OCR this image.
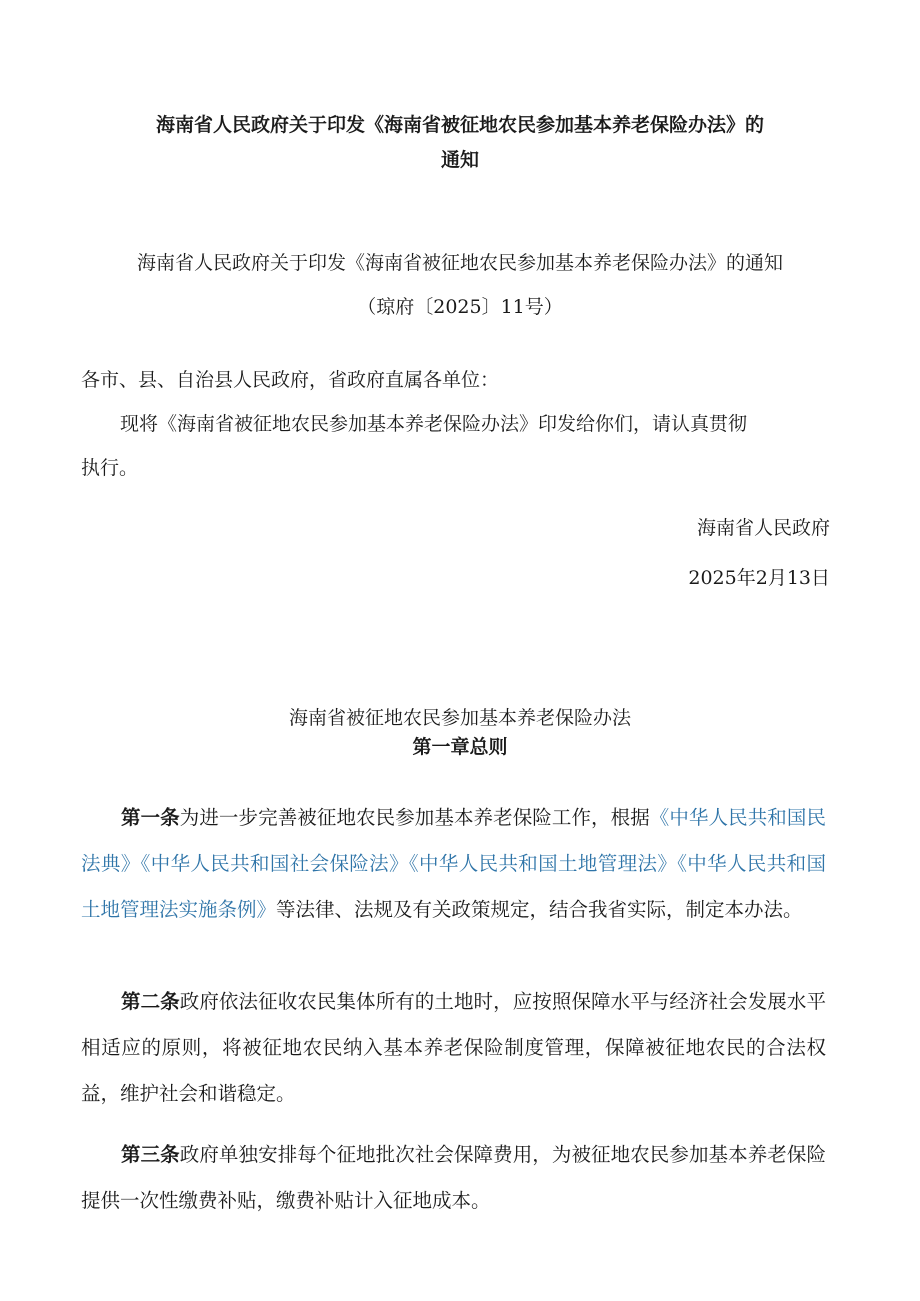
海南省人民政府关于印发《海南省被征地农民参加基本养老保险办法》的
通知
海南省人民政府关于印发《海南省被征地农民参加基本养老保险办法》的通知
（琼府〔2025〕11号）
各市、县、自治县人民政府，省政府直属各单位：
现将《海南省被征地农民参加基本养老保险办法》印发给你们，请认真贯彻
执行。
海南省人民政府
2025年2月13日
海南省被征地农民参加基本养老保险办法
第一章总则
第一条为进一步完善被征地农民参加基本养老保险工作，根据《中华人民共和国民法典》《中华人民共和国社会保险法》《中华人民共和国土地管理法》《中华人民共和国土地管理法实施条例》等法律、法规及有关政策规定，结合我省实际，制定本办法。
第二条政府依法征收农民集体所有的土地时，应按照保障水平与经济社会发展水平相适应的原则，将被征地农民纳入基本养老保险制度管理，保障被征地农民的合法权益，维护社会和谐稳定。
第三条政府单独安排每个征地批次社会保障费用，为被征地农民参加基本养老保险提供一次性缴费补贴，缴费补贴计入征地成本。
